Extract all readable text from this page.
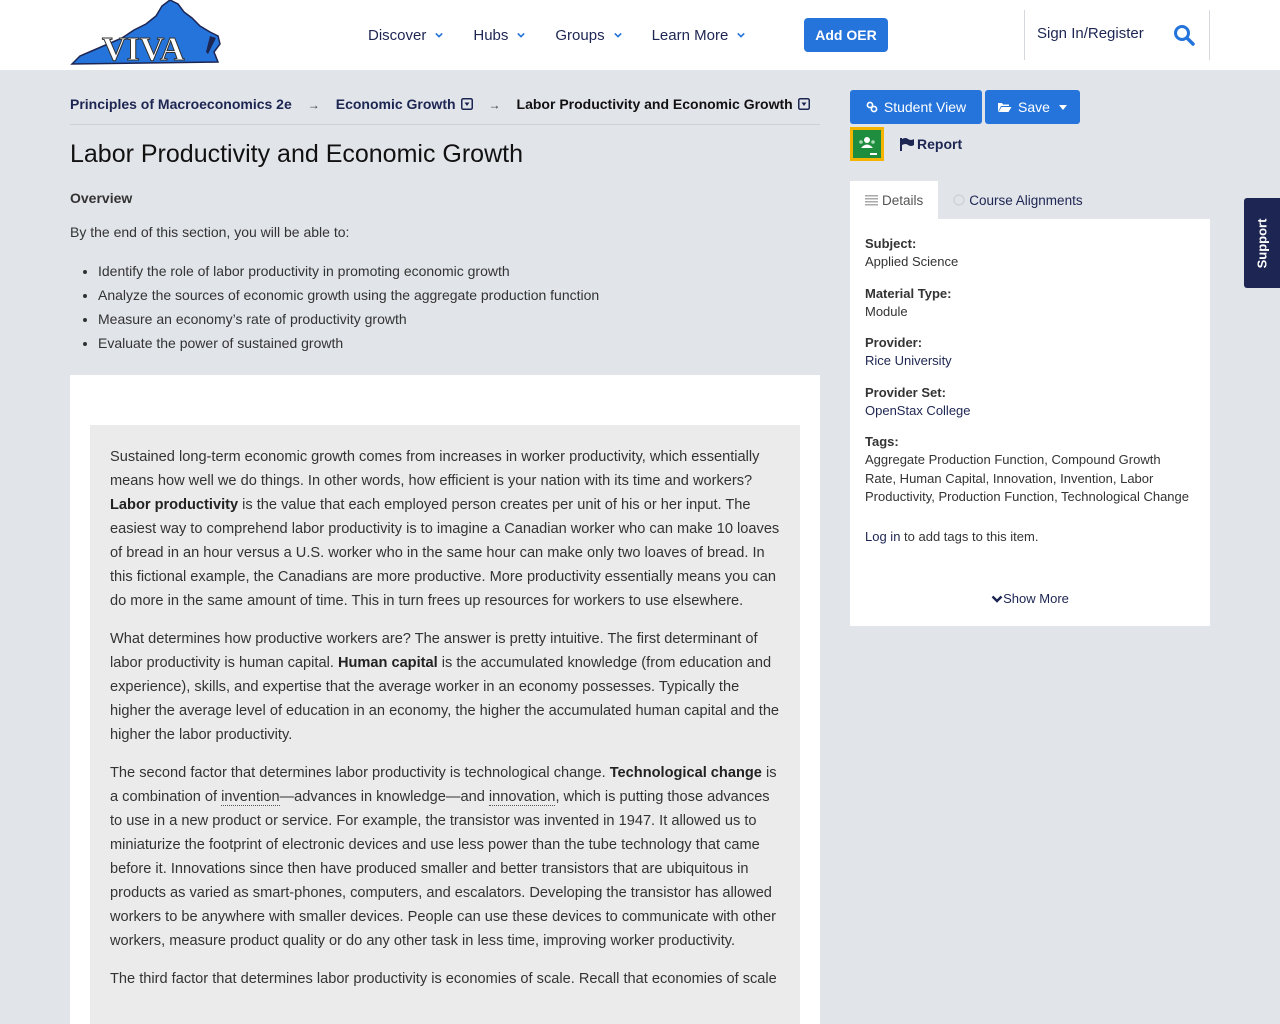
VIVA	Discover	Hubs	Groups	Learn More	Add OER	Sign In/Register
Principles of Macroeconomics 2e → Economic Growth	→ Labor Productivity and Economic Growth
Labor Productivity and Economic Growth
Overview
By the end of this section, you will be able to:
• Identify the role of labor productivity in promoting economic growth
• Analyze the sources of economic growth using the aggregate production function
• Measure an economy’s rate of productivity growth
• Evaluate the power of sustained growth

Sustained long-term economic growth comes from increases in worker productivity, which essentially means how well we do things. In other words, how efficient is your nation with its time and workers? Labor productivity is the value that each employed person creates per unit of his or her input. The easiest way to comprehend labor productivity is to imagine a Canadian worker who can make 10 loaves of bread in an hour versus a U.S. worker who in the same hour can make only two loaves of bread. In this fictional example, the Canadians are more productive. More productivity essentially means you can do more in the same amount of time. This in turn frees up resources for workers to use elsewhere.

What determines how productive workers are? The answer is pretty intuitive. The first determinant of labor productivity is human capital. Human capital is the accumulated knowledge (from education and experience), skills, and expertise that the average worker in an economy possesses. Typically the higher the average level of education in an economy, the higher the accumulated human capital and the higher the labor productivity.

The second factor that determines labor productivity is technological change. Technological change is a combination of invention—advances in knowledge—and innovation, which is putting those advances to use in a new product or service. For example, the transistor was invented in 1947. It allowed us to miniaturize the footprint of electronic devices and use less power than the tube technology that came before it. Innovations since then have produced smaller and better transistors that are ubiquitous in products as varied as smart-phones, computers, and escalators. Developing the transistor has allowed workers to be anywhere with smaller devices. People can use these devices to communicate with other workers, measure product quality or do any other task in less time, improving worker productivity.

The third factor that determines labor productivity is economies of scale. Recall that economies of scale

Student View	Save
Report
Details	Course Alignments
Subject:
Applied Science
Material Type:
Module
Provider:
Rice University
Provider Set:
OpenStax College
Tags:
Aggregate Production Function, Compound Growth Rate, Human Capital, Innovation, Invention, Labor Productivity, Production Function, Technological Change
Log in to add tags to this item.
Show More
Support
